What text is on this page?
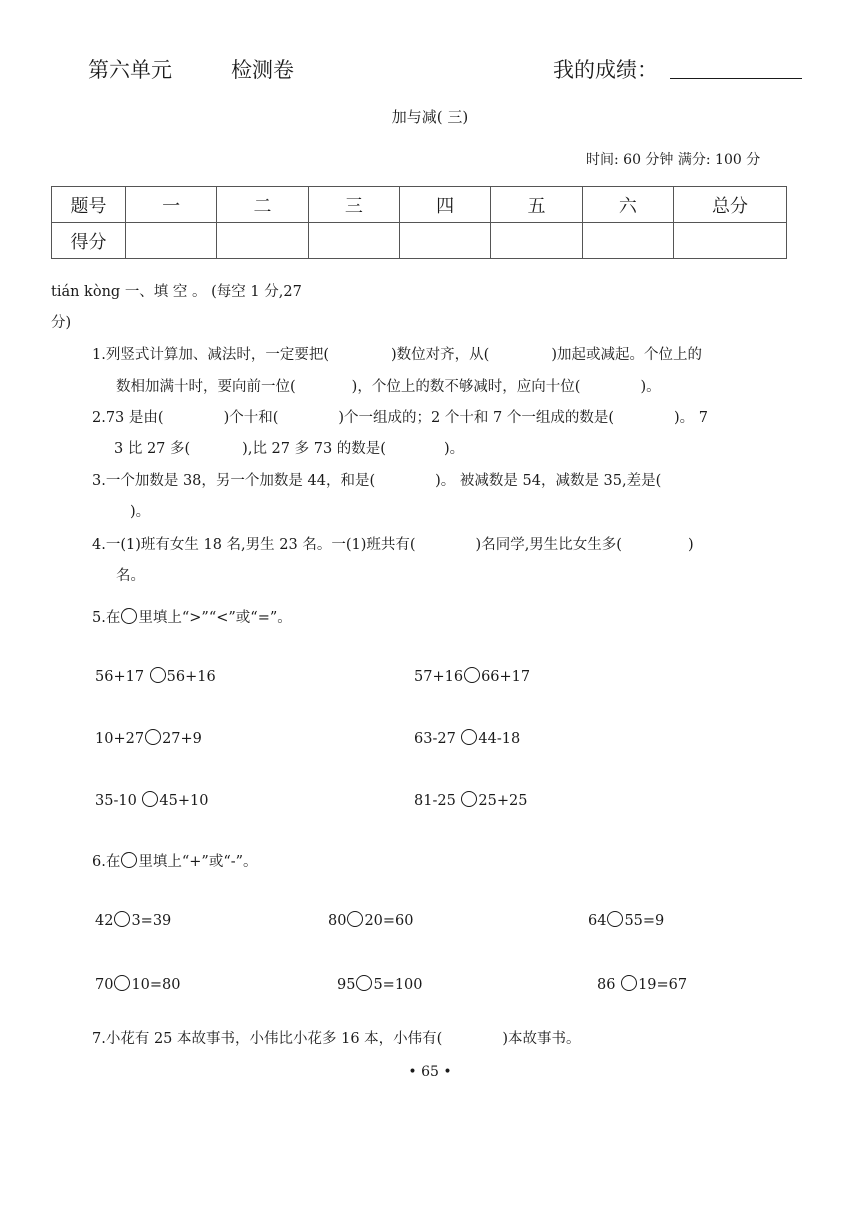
第六单元	检测卷	我的成绩：
加与减( 三)
时间: 60 分钟 满分: 100 分
题号	一	二	三	四	五	六	总分
得分							
tián kòng 一、填 空 。 (每空 1 分,27
分)
1.列竖式计算加、减法时，一定要把(	)数位对齐，从(	)加起或减起。个位上的
数相加满十时，要向前一位(	)，个位上的数不够减时，应向十位(	)。
2.73 是由(	)个十和(	)个一组成的；2 个十和 7 个一组成的数是(	)。 7
3 比 27 多(	),比 27 多 73 的数是(	)。
3.一个加数是 38，另一个加数是 44，和是(	)。 被减数是 54，减数是 35,差是(
)。
4.一(1)班有女生 18 名,男生 23 名。一(1)班共有(	)名同学,男生比女生多(	)
名。
5.在 里填上“>”“<”或“=”。
56+17 56+16	57+16 66+17
10+27 27+9	63-27 44-18
35-10 45+10	81-25 25+25
6.在 里填上“+”或“-”。
42 3=39	80 20=60	64 55=9
70 10=80	95 5=100	86 19=67
7.小花有 25 本故事书，小伟比小花多 16 本，小伟有(	)本故事书。
• 65 •
